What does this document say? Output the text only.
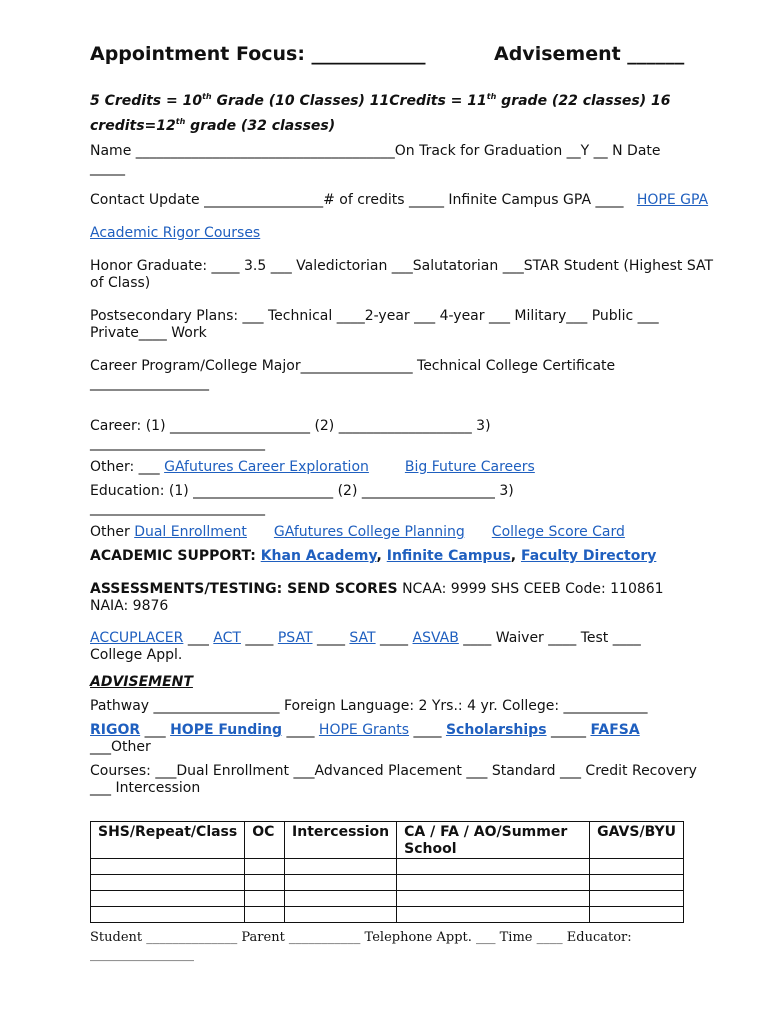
Appointment Focus: ____________	Advisement ______
5 Credits = 10th Grade (10 Classes) 11Credits = 11th grade (22 classes) 16
credits=12th grade (32 classes)
Name _____________________________________On Track for Graduation __Y __ N Date
_____
Contact Update _________________# of credits _____ Infinite Campus GPA ____ HOPE GPA
Academic Rigor Courses
Honor Graduate: ____ 3.5 ___ Valedictorian ___Salutatorian ___STAR Student (Highest SAT of Class)
Postsecondary Plans: ___ Technical ____2-year ___ 4-year ___ Military___ Public ___ Private____ Work
Career Program/College Major________________ Technical College Certificate _________________
Career: (1) ____________________ (2) ___________________ 3)
_________________________
Other: ___ GAfutures Career Exploration	Big Future Careers
Education: (1) ____________________ (2) ___________________ 3)
_________________________
Other Dual Enrollment GAfutures College Planning College Score Card
ACADEMIC SUPPORT: Khan Academy, Infinite Campus, Faculty Directory
ASSESSMENTS/TESTING: SEND SCORES NCAA: 9999 SHS CEEB Code: 110861
NAIA: 9876
ACCUPLACER ___ ACT ____ PSAT ____ SAT ____ ASVAB ____ Waiver ____ Test ____
College Appl.
ADVISEMENT
Pathway __________________ Foreign Language: 2 Yrs.: 4 yr. College: ____________
RIGOR ___ HOPE Funding ____ HOPE Grants ____ Scholarships _____ FAFSA
___Other
Courses: ___Dual Enrollment ___Advanced Placement ___ Standard ___ Credit Recovery ___ Intercession
SHS/Repeat/Class	OC	Intercession	CA / FA / AO/Summer School	GAVS/BYU

Student ______________ Parent ___________ Telephone Appt. ___ Time ____ Educator:
________________
